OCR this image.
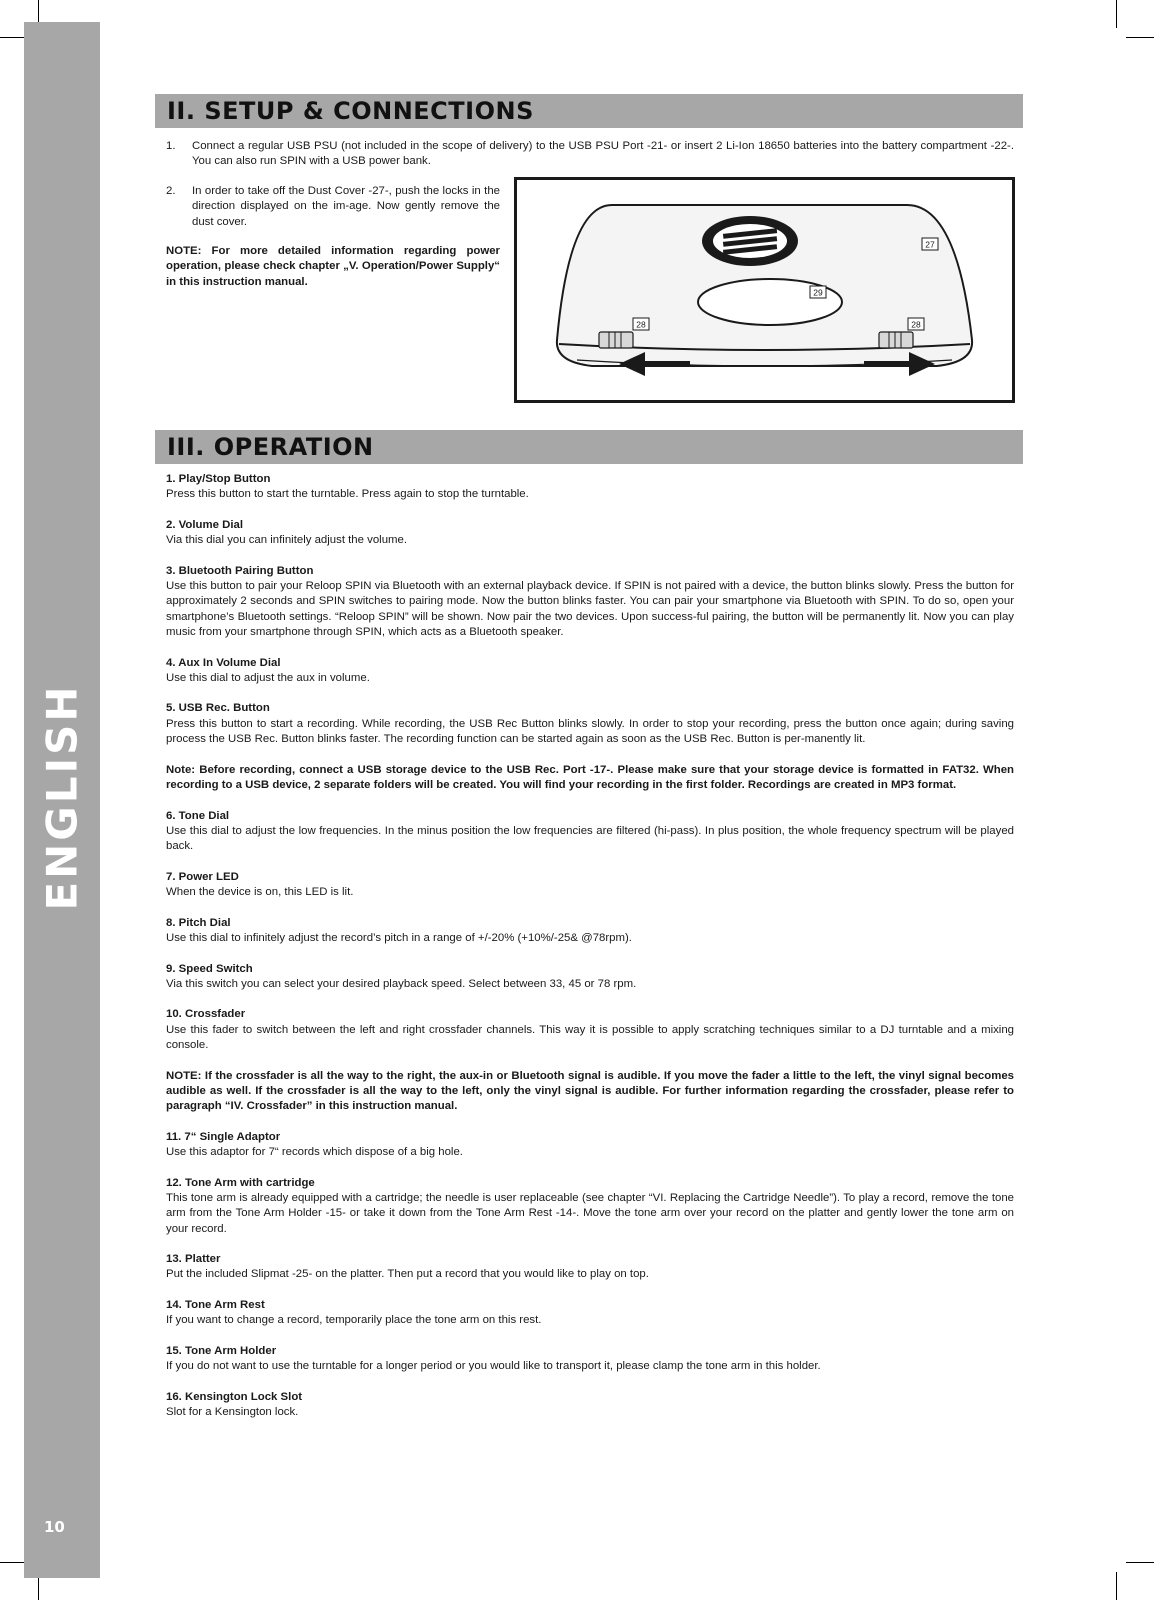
ENGLISH
10
II. SETUP & CONNECTIONS
1. Connect a regular USB PSU (not included in the scope of delivery) to the USB PSU Port -21- or insert 2 Li-Ion 18650 batteries into the battery compartment -22-. You can also run SPIN with a USB power bank.
2. In order to take off the Dust Cover -27-, push the locks in the direction displayed on the im-age. Now gently remove the dust cover.
NOTE: For more detailed information regarding power operation, please check chapter „V. Operation/Power Supply“ in this instruction manual.
27
29
28	28
III. OPERATION
1. Play/Stop Button
Press this button to start the turntable. Press again to stop the turntable.
2. Volume Dial
Via this dial you can infinitely adjust the volume.
3. Bluetooth Pairing Button
Use this button to pair your Reloop SPIN via Bluetooth with an external playback device. If SPIN is not paired with a device, the button blinks slowly. Press the button for approximately 2 seconds and SPIN switches to pairing mode. Now the button blinks faster. You can pair your smartphone via Bluetooth with SPIN. To do so, open your smartphone’s Bluetooth settings. “Reloop SPIN” will be shown. Now pair the two devices. Upon success-ful pairing, the button will be permanently lit. Now you can play music from your smartphone through SPIN, which acts as a Bluetooth speaker.
4. Aux In Volume Dial
Use this dial to adjust the aux in volume.
5. USB Rec. Button
Press this button to start a recording. While recording, the USB Rec Button blinks slowly. In order to stop your recording, press the button once again; during saving process the USB Rec. Button blinks faster. The recording function can be started again as soon as the USB Rec. Button is per-manently lit.
Note: Before recording, connect a USB storage device to the USB Rec. Port -17-. Please make sure that your storage device is formatted in FAT32. When recording to a USB device, 2 separate folders will be created. You will find your recording in the first folder. Recordings are created in MP3 format.
6. Tone Dial
Use this dial to adjust the low frequencies. In the minus position the low frequencies are filtered (hi-pass). In plus position, the whole frequency spectrum will be played back.
7. Power LED
When the device is on, this LED is lit.
8. Pitch Dial
Use this dial to infinitely adjust the record’s pitch in a range of +/-20% (+10%/-25& @78rpm).
9. Speed Switch
Via this switch you can select your desired playback speed. Select between 33, 45 or 78 rpm.
10. Crossfader
Use this fader to switch between the left and right crossfader channels. This way it is possible to apply scratching techniques similar to a DJ turntable and a mixing console.
NOTE: If the crossfader is all the way to the right, the aux-in or Bluetooth signal is audible. If you move the fader a little to the left, the vinyl signal becomes audible as well. If the crossfader is all the way to the left, only the vinyl signal is audible. For further information regarding the crossfader, please refer to paragraph “IV. Crossfader” in this instruction manual.
11. 7“ Single Adaptor
Use this adaptor for 7“ records which dispose of a big hole.
12. Tone Arm with cartridge
This tone arm is already equipped with a cartridge; the needle is user replaceable (see chapter “VI. Replacing the Cartridge Needle”). To play a record, remove the tone arm from the Tone Arm Holder -15- or take it down from the Tone Arm Rest -14-. Move the tone arm over your record on the platter and gently lower the tone arm on your record.
13. Platter
Put the included Slipmat -25- on the platter. Then put a record that you would like to play on top.
14. Tone Arm Rest
If you want to change a record, temporarily place the tone arm on this rest.
15. Tone Arm Holder
If you do not want to use the turntable for a longer period or you would like to transport it, please clamp the tone arm in this holder.
16. Kensington Lock Slot
Slot for a Kensington lock.
